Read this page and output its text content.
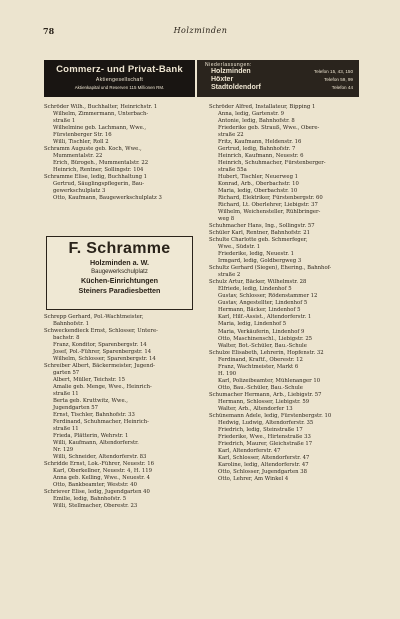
78	Holzminden
Commerz- und Privat-Bank
Aktiengesellschaft
Aktienkapital und Reserven 115 Millionen RM.
Niederlassungen:
Holzminden	Telefon 15, 43, 150
Höxter	Telefon 59, 99
Stadtoldendorf	Telefon 44
Schröder Wilh., Buchhalter, Heinrichstr. 1
Wilhelm, Zimmermann, Unterbach-
straße 1
Wilhelmine geb. Lachmann, Wwe.,
Fürstenberger Str. 16
Willi, Tischler, Roll 2
Schramm Auguste geb. Koch, Wwe.,
Mummentalstr. 22
Erich, Bürogeh., Mummentalstr. 22
Heinrich, Rentner, Sollingstr. 104
Schramme Elise, ledig, Buchhaltung 1
Gertrud, Säuglingspflegerin, Bau-
gewerkschulplatz 3
Otto, Kaufmann, Baugewerkschulplatz 3
F. Schramme
Holzminden a. W.
Baugewerkschulplatz
Küchen-Einrichtungen
Steiners Paradiesbetten
Schrepp Gerhard, Pol.-Wachtmeister,
Bahnhofstr. 1
Schweckendieck Ernst, Schlosser, Untere-
bachstr. 8
Franz, Konditor, Sparenbergstr. 14
Josef, Pol.-Führer, Sparenbergstr. 14
Wilhelm, Schlosser, Sparenbergstr. 14
Schreiber Albert, Bäckermeister, Jugend-
garten 57
Albert, Müller, Teichstr. 15
Amalie geb. Menge, Wwe., Heinrich-
straße 11
Berta geb. Kruttwitz, Wwe.,
Jugendgarten 57
Ernst, Tischler, Bahnhofstr. 33
Ferdinand, Schuhmacher, Heinrich-
straße 11
Frieda, Plätterin, Wehrstr. 1
Willi, Kaufmann, Altendorferstr.
Nr. 129
Willi, Schneider, Altendorferstr. 83
Schridde Ernst, Lok.-Führer, Neuestr. 16
Karl, Oberkellner, Neuestr. 4, H. 119
Anna geb. Kelling, Wwe., Neuestr. 4
Otto, Bankbeamter, Weststr. 40
Schriever Elise, ledig, Jugendgarten 40
Emilie, ledig, Bahnhofstr. 5
Willi, Stellmacher, Oberestr. 23
Schröder Alfred, Installateur, Bipping 1
Anna, ledig, Gartenstr. 9
Antonie, ledig, Bahnhofstr. 8
Friederike geb. Strauß, Wwe., Obere-
straße 22
Fritz, Kaufmann, Heldenstr. 16
Gertrud, ledig, Bahnhofstr. 7
Heinrich, Kaufmann, Neuestr. 6
Heinrich, Schuhmacher, Fürstenberger-
straße 55a
Hubert, Tischler, Neuerweg 1
Konrad, Arb., Oberbachstr. 10
Maria, ledig, Oberbachstr. 10
Richard, Elektriker, Fürstenbergstr. 60
Richard, Lt. Oberlehrer, Liebigstr. 37
Wilhelm, Weichensteller, Rühlbringer-
weg 8
Schuhmacher Hans, Ing., Sollingstr. 57
Schüler Karl, Rentner, Bahnhofstr. 21
Schulte Charlotte geb. Schmerfeger,
Wwe., Südstr. 1
Friederike, ledig, Neuestr. 1
Irmgard, ledig, Goldbergweg 3
Schultz Gerhard (Siegen), Ehering., Bahnhof-
straße 2
Schulz Artur, Bäcker, Wilhelmstr. 28
Elfriede, ledig, Lindenhof 5
Gustav, Schlosser, Rödenstammer 12
Gustav, Angestellter, Lindenhof 5
Hermann, Bäcker, Lindenhof 5
Karl, Hilf.-Assist., Altendorferstr. 1
Maria, ledig, Lindenhof 5
Maria, Verkäuferin, Lindenhof 9
Otto, Maschinenschl., Liebigstr. 25
Walter, Bot.-Schüler, Bau.-Schule
Schulze Elisabeth, Lehrerin, Hopfenstr. 32
Ferdinand, Kraftf., Oberestr. 12
Franz, Wachtmeister, Markt 6
H. 190
Karl, Polizeibeamter, Mühlenanger 10
Otto, Bau.-Schüler, Bau.-Schule
Schumacher Hermann, Arb., Liebigstr. 57
Hermann, Schlosser, Liebigstr. 59
Walter, Arb., Altendorfer 13
Schünemann Adele, ledig, Fürstenbergstr. 10
Hedwig, Ludwig, Altendorferstr. 35
Friedrich, ledig, Steinstraße 17
Friederike, Wwe., Hirtenstraße 33
Friedrich, Maurer, Gleichstraße 17
Karl, Altendorferstr. 47
Karl, Schlosser, Altendorferstr. 47
Karoline, ledig, Altendorferstr. 47
Otto, Schlosser, Jugendgarten 38
Otto, Lehrer, Am Winkel 4
